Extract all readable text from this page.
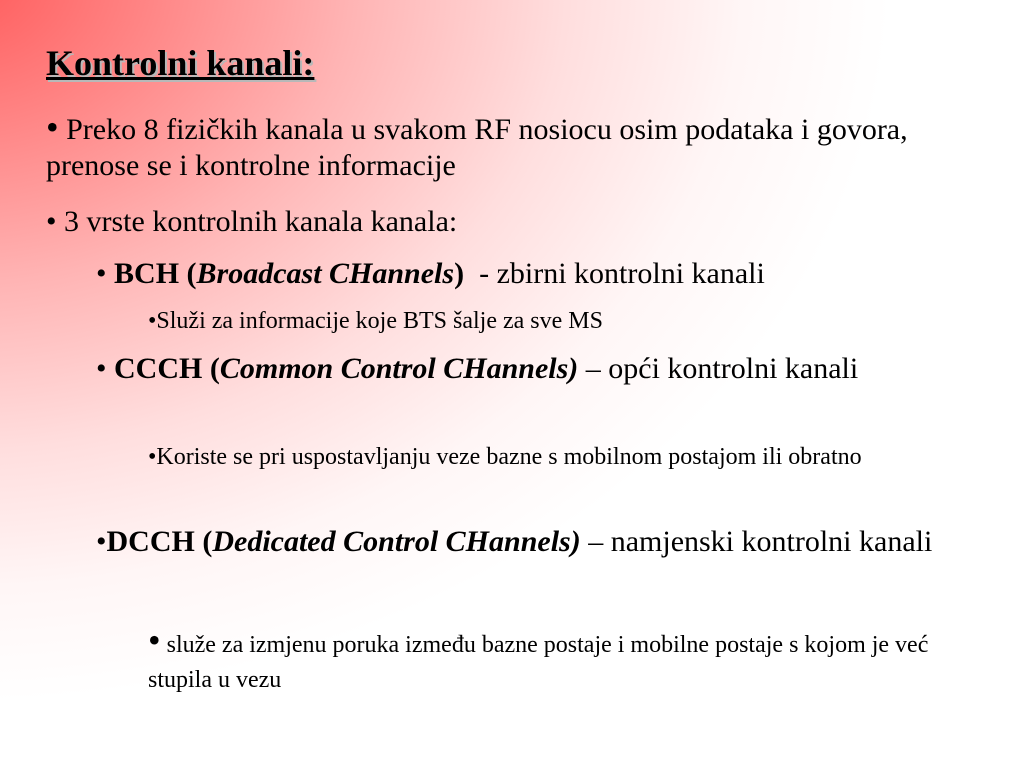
Kontrolni kanali:

• Preko 8 fizičkih kanala u svakom RF nosiocu osim podataka i govora, prenose se i kontrolne informacije

• 3 vrste kontrolnih kanala kanala:

• BCH (Broadcast CHannels) - zbirni kontrolni kanali

•Služi za informacije koje BTS šalje za sve MS

• CCCH (Common Control CHannels) – opći kontrolni kanali

•Koriste se pri uspostavljanju veze bazne s mobilnom postajom ili obratno

•DCCH (Dedicated Control CHannels) – namjenski kontrolni kanali

• služe za izmjenu poruka između bazne postaje i mobilne postaje s kojom je već stupila u vezu
